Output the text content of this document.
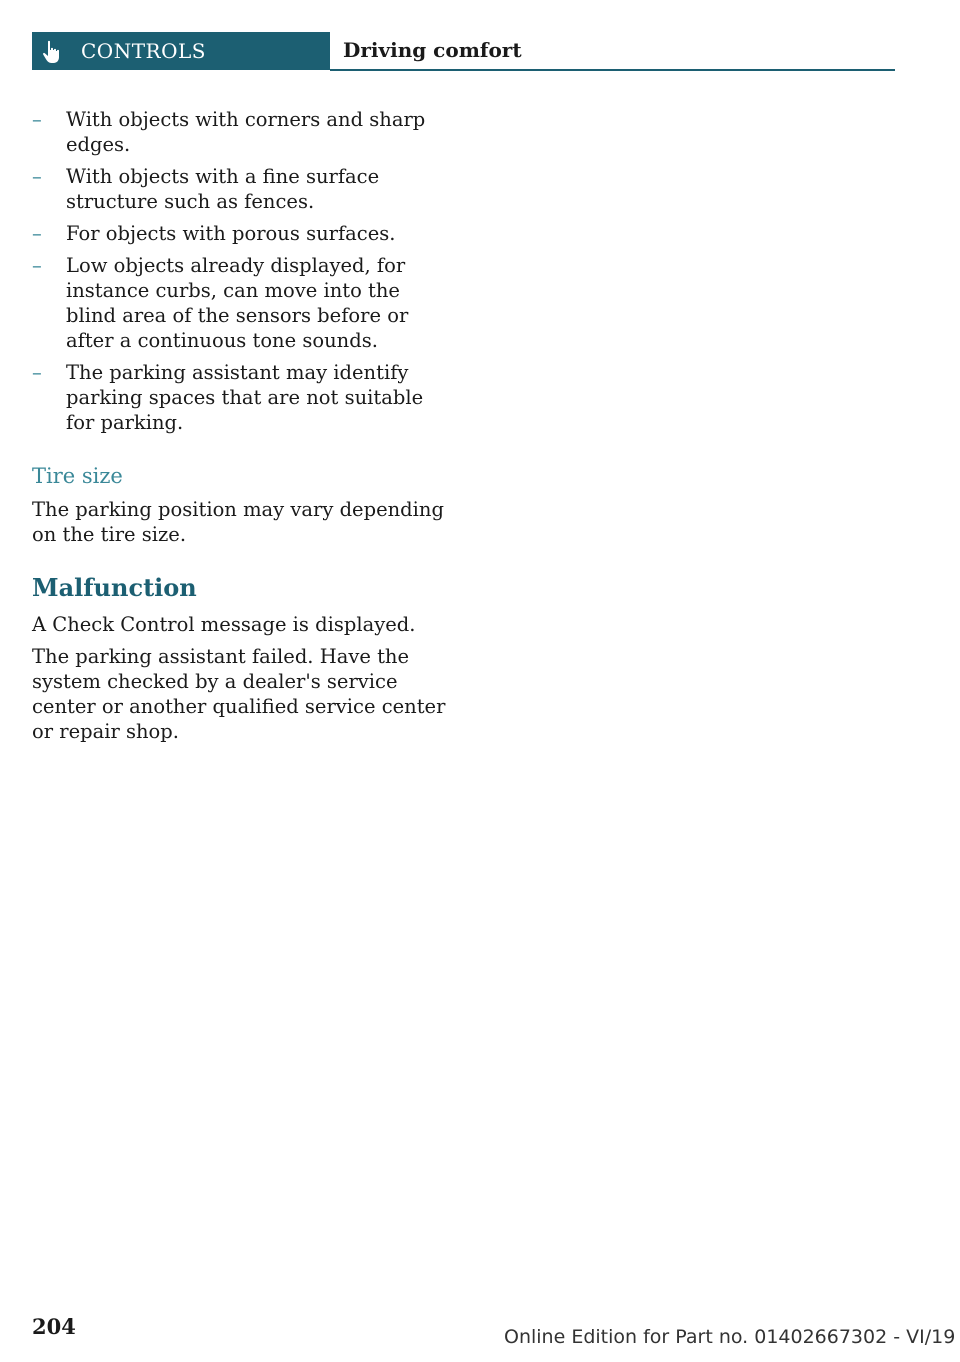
CONTROLS	Driving comfort
– With objects with corners and sharp edges.
– With objects with a fine surface structure such as fences.
– For objects with porous surfaces.
– Low objects already displayed, for instance curbs, can move into the blind area of the sensors before or after a continuous tone sounds.
– The parking assistant may identify parking spaces that are not suitable for parking.
Tire size

The parking position may vary depending on the tire size.

Malfunction

A Check Control message is displayed.

The parking assistant failed. Have the system checked by a dealer's service center or another qualified service center or repair shop.

204	Online Edition for Part no. 01402667302 - VI/19
